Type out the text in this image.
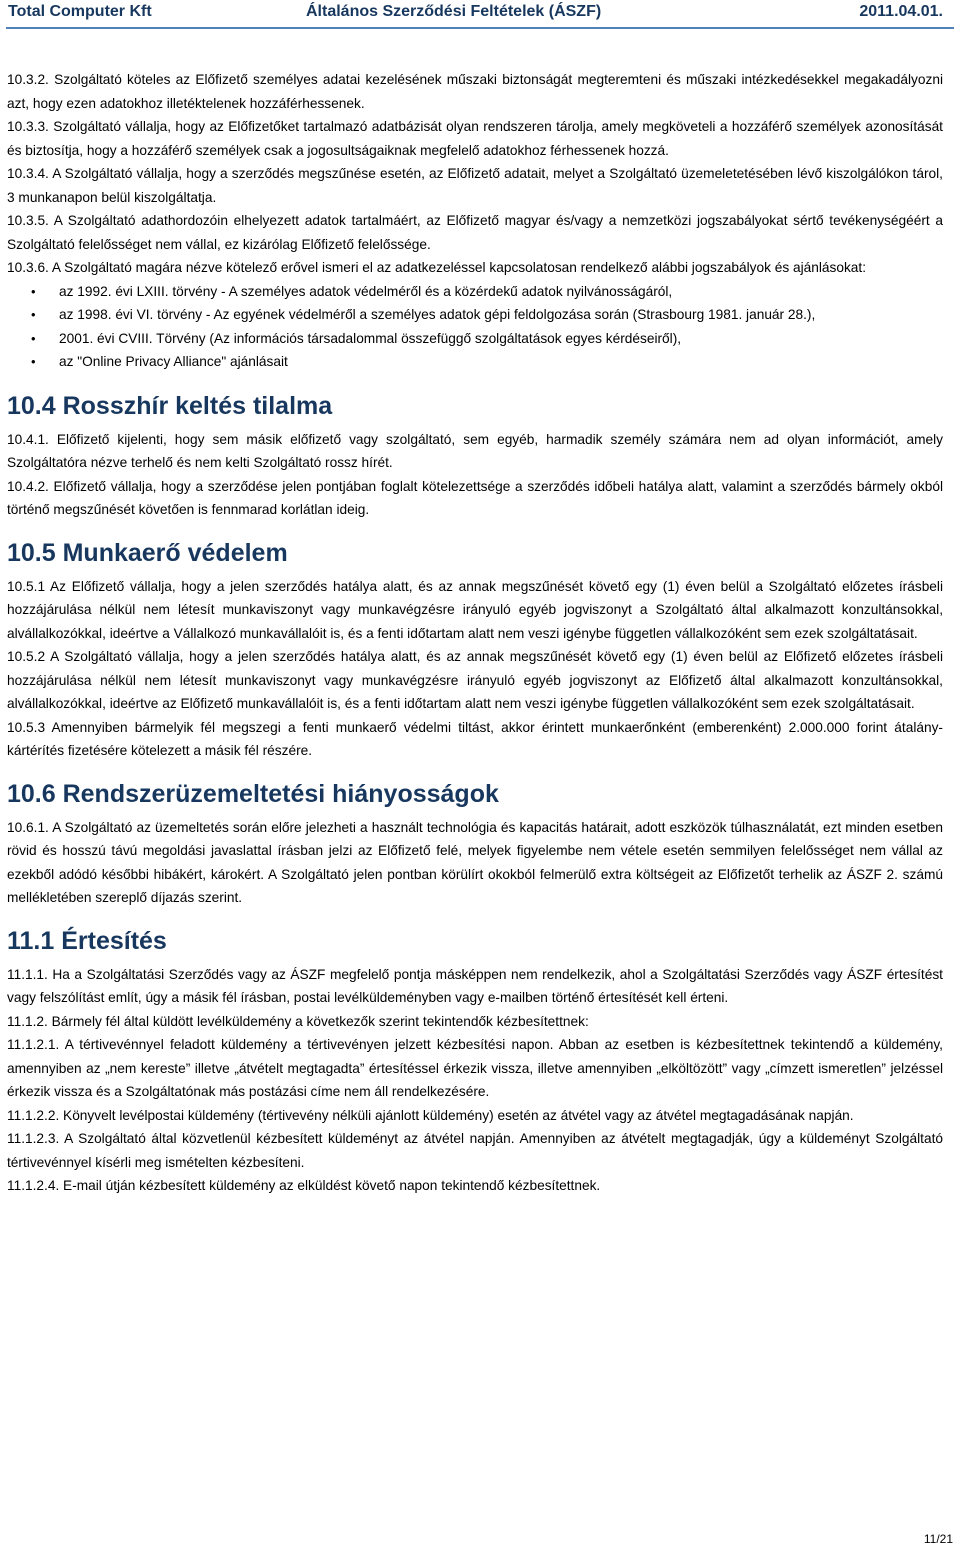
Total Computer Kft	Általános Szerződési Feltételek (ÁSZF)	2011.04.01.

10.3.2. Szolgáltató köteles az Előfizető személyes adatai kezelésének műszaki biztonságát megteremteni és műszaki intézkedésekkel megakadályozni azt, hogy ezen adatokhoz illetéktelenek hozzáférhessenek.

10.3.3. Szolgáltató vállalja, hogy az Előfizetőket tartalmazó adatbázisát olyan rendszeren tárolja, amely megköveteli a hozzáférő személyek azonosítását és biztosítja, hogy a hozzáférő személyek csak a jogosultságaiknak megfelelő adatokhoz férhessenek hozzá.

10.3.4. A Szolgáltató vállalja, hogy a szerződés megszűnése esetén, az Előfizető adatait, melyet a Szolgáltató üzemeletetésében lévő kiszolgálókon tárol, 3 munkanapon belül kiszolgáltatja.

10.3.5. A Szolgáltató adathordozóin elhelyezett adatok tartalmáért, az Előfizető magyar és/vagy a nemzetközi jogszabályokat sértő tevékenységéért a Szolgáltató felelősséget nem vállal, ez kizárólag Előfizető felelőssége.

10.3.6. A Szolgáltató magára nézve kötelező erővel ismeri el az adatkezeléssel kapcsolatosan rendelkező alábbi jogszabályok és ajánlásokat:

• az 1992. évi LXIII. törvény - A személyes adatok védelméről és a közérdekű adatok nyilvánosságáról,
• az 1998. évi VI. törvény - Az egyének védelméről a személyes adatok gépi feldolgozása során (Strasbourg 1981. január 28.),
• 2001. évi CVIII. Törvény (Az információs társadalommal összefüggő szolgáltatások egyes kérdéseiről),
• az "Online Privacy Alliance" ajánlásait
10.4 Rosszhír keltés tilalma

10.4.1. Előfizető kijelenti, hogy sem másik előfizető vagy szolgáltató, sem egyéb, harmadik személy számára nem ad olyan információt, amely Szolgáltatóra nézve terhelő és nem kelti Szolgáltató rossz hírét.

10.4.2. Előfizető vállalja, hogy a szerződése jelen pontjában foglalt kötelezettsége a szerződés időbeli hatálya alatt, valamint a szerződés bármely okból történő megszűnését követően is fennmarad korlátlan ideig.

10.5 Munkaerő védelem

10.5.1 Az Előfizető vállalja, hogy a jelen szerződés hatálya alatt, és az annak megszűnését követő egy (1) éven belül a Szolgáltató előzetes írásbeli hozzájárulása nélkül nem létesít munkaviszonyt vagy munkavégzésre irányuló egyéb jogviszonyt a Szolgáltató által alkalmazott konzultánsokkal, alvállalkozókkal, ideértve a Vállalkozó munkavállalóit is, és a fenti időtartam alatt nem veszi igénybe független vállalkozóként sem ezek szolgáltatásait.

10.5.2 A Szolgáltató vállalja, hogy a jelen szerződés hatálya alatt, és az annak megszűnését követő egy (1) éven belül az Előfizető előzetes írásbeli hozzájárulása nélkül nem létesít munkaviszonyt vagy munkavégzésre irányuló egyéb jogviszonyt az Előfizető által alkalmazott konzultánsokkal, alvállalkozókkal, ideértve az Előfizető munkavállalóit is, és a fenti időtartam alatt nem veszi igénybe független vállalkozóként sem ezek szolgáltatásait.

10.5.3 Amennyiben bármelyik fél megszegi a fenti munkaerő védelmi tiltást, akkor érintett munkaerőnként (emberenként) 2.000.000 forint átalány-kártérítés fizetésére kötelezett a másik fél részére.

10.6 Rendszerüzemeltetési hiányosságok

10.6.1. A Szolgáltató az üzemeltetés során előre jelezheti a használt technológia és kapacitás határait, adott eszközök túlhasználatát, ezt minden esetben rövid és hosszú távú megoldási javaslattal írásban jelzi az Előfizető felé, melyek figyelembe nem vétele esetén semmilyen felelősséget nem vállal az ezekből adódó későbbi hibákért, károkért. A Szolgáltató jelen pontban körülírt okokból felmerülő extra költségeit az Előfizetőt terhelik az ÁSZF 2. számú mellékletében szereplő díjazás szerint.

11.1 Értesítés

11.1.1. Ha a Szolgáltatási Szerződés vagy az ÁSZF megfelelő pontja másképpen nem rendelkezik, ahol a Szolgáltatási Szerződés vagy ÁSZF értesítést vagy felszólítást említ, úgy a másik fél írásban, postai levélküldeményben vagy e-mailben történő értesítését kell érteni.

11.1.2. Bármely fél által küldött levélküldemény a következők szerint tekintendők kézbesítettnek:

11.1.2.1. A tértivevénnyel feladott küldemény a tértivevényen jelzett kézbesítési napon. Abban az esetben is kézbesítettnek tekintendő a küldemény, amennyiben az „nem kereste” illetve „átvételt megtagadta” értesítéssel érkezik vissza, illetve amennyiben „elköltözött” vagy „címzett ismeretlen” jelzéssel érkezik vissza és a Szolgáltatónak más postázási címe nem áll rendelkezésére.

11.1.2.2. Könyvelt levélpostai küldemény (tértivevény nélküli ajánlott küldemény) esetén az átvétel vagy az átvétel megtagadásának napján.

11.1.2.3. A Szolgáltató által közvetlenül kézbesített küldeményt az átvétel napján. Amennyiben az átvételt megtagadják, úgy a küldeményt Szolgáltató tértivevénnyel kísérli meg ismételten kézbesíteni.

11.1.2.4. E-mail útján kézbesített küldemény az elküldést követő napon tekintendő kézbesítettnek.

11/21
